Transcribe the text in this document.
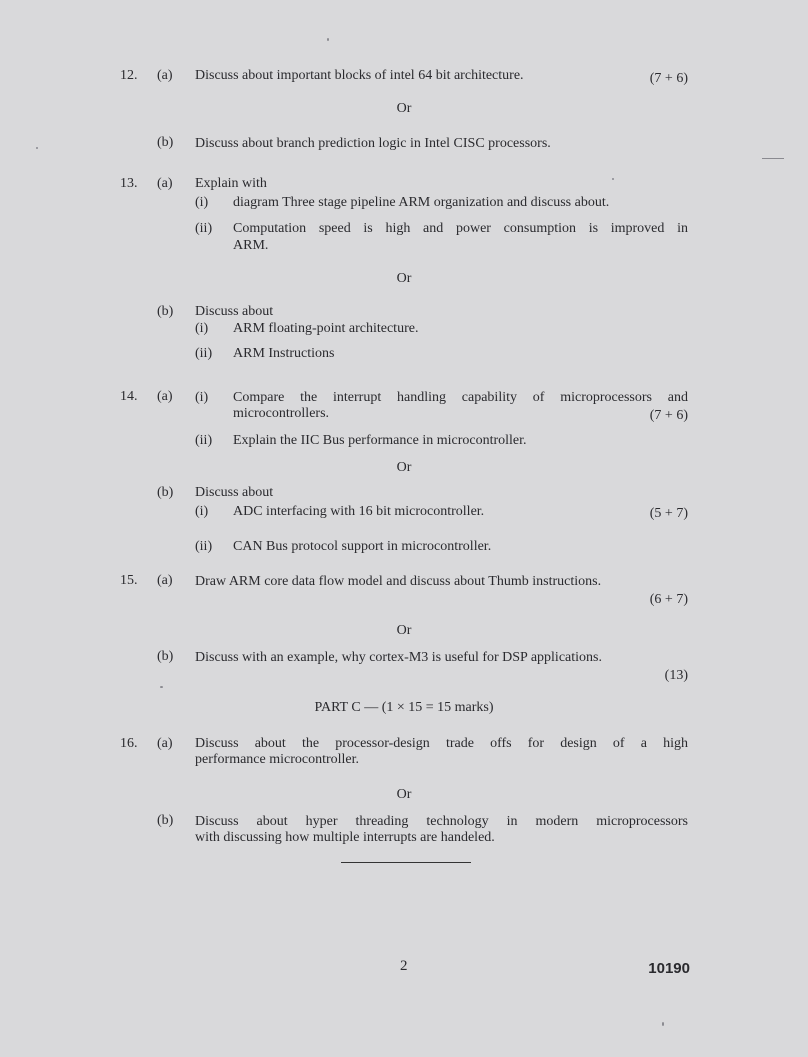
12. (a) Discuss about important blocks of intel 64 bit architecture.	(7 + 6)
Or
(b) Discuss about branch prediction logic in Intel CISC processors.
13. (a) Explain with
(i) diagram Three stage pipeline ARM organization and discuss about.
(ii) Computation speed is high and power consumption is improved in
ARM.
Or
(b) Discuss about
(i) ARM floating-point architecture.
(ii) ARM Instructions
14. (a) (i) Compare the interrupt handling capability of microprocessors and
microcontrollers.	(7 + 6)
(ii) Explain the IIC Bus performance in microcontroller.
Or
(b) Discuss about
(i) ADC interfacing with 16 bit microcontroller.	(5 + 7)
(ii) CAN Bus protocol support in microcontroller.
15. (a) Draw ARM core data flow model and discuss about Thumb instructions.
(6 + 7)
Or
(b) Discuss with an example, why cortex-M3 is useful for DSP applications.
(13)
PART C — (1 × 15 = 15 marks)
16. (a) Discuss about the processor-design trade offs for design of a high
performance microcontroller.
Or
(b) Discuss about hyper threading technology in modern microprocessors
with discussing how multiple interrupts are handeled.
2	10190
